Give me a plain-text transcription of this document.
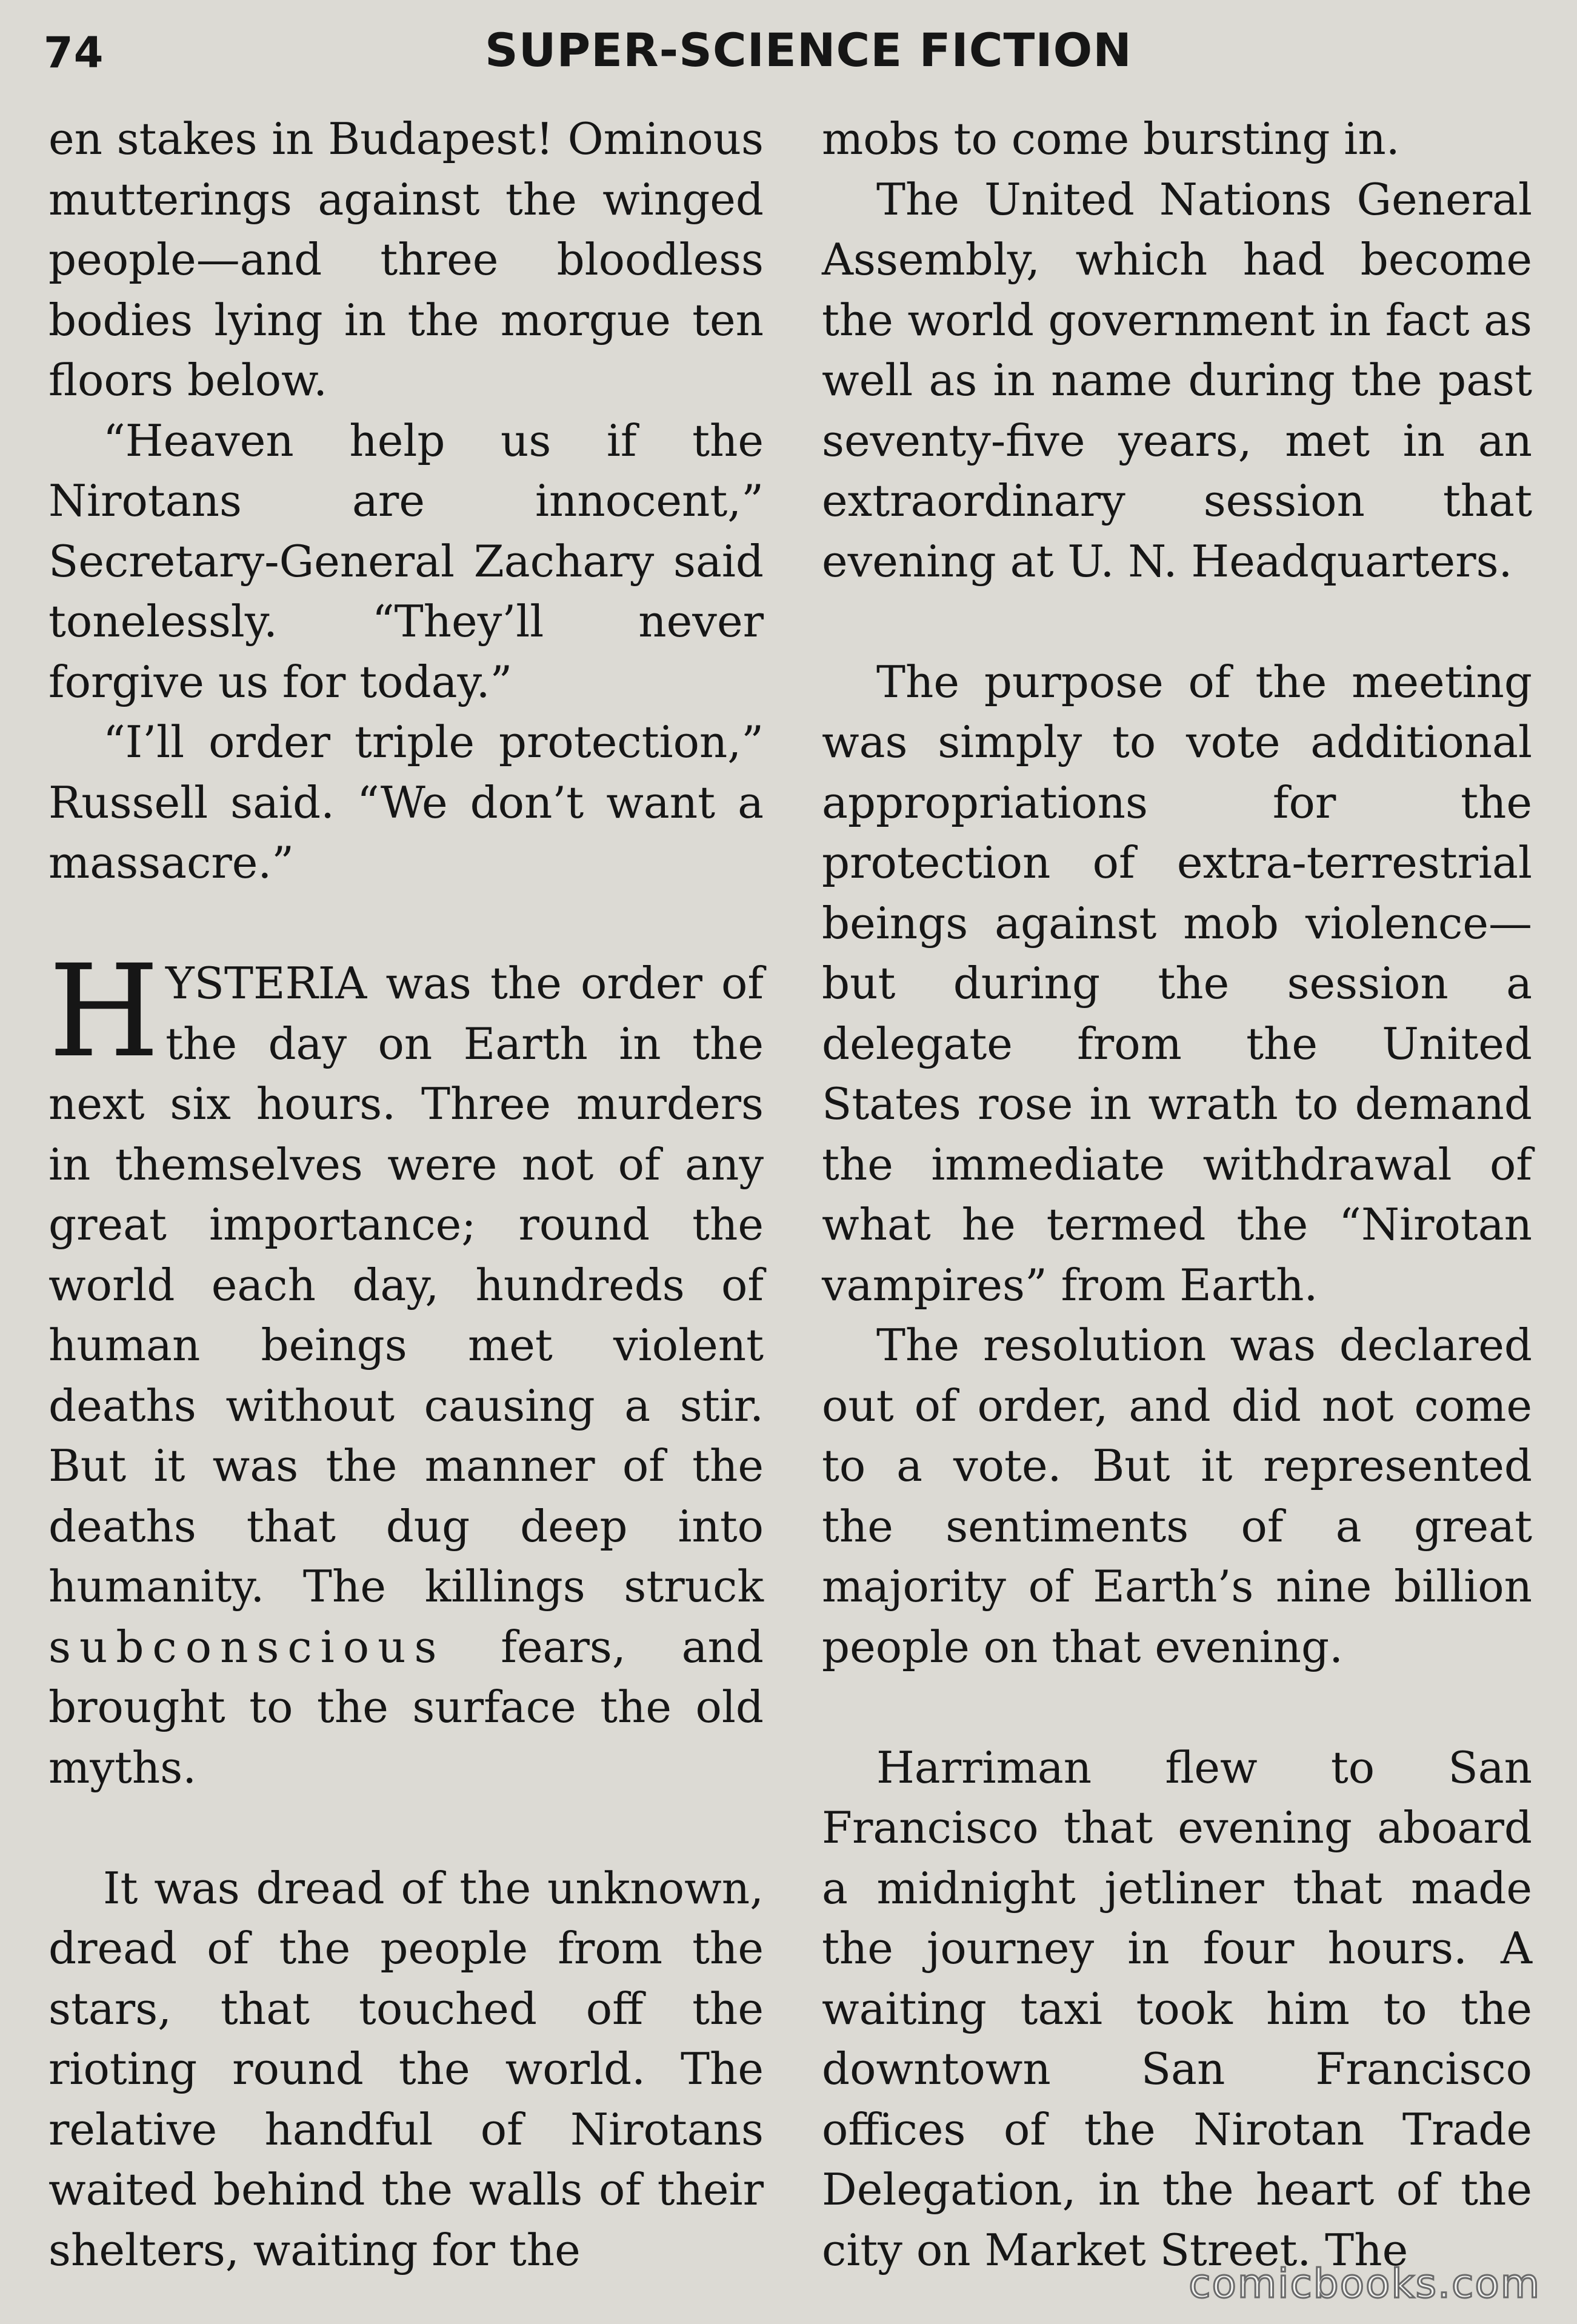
74	SUPER-SCIENCE FICTION

en stakes in Budapest! Ominous mutterings against the winged people—and three bloodless bodies lying in the morgue ten floors below.

“Heaven help us if the Nirotans are innocent,” Secretary-General Zachary said tonelessly. “They’ll never forgive us for today.”

“I’ll order triple protection,” Russell said. “We don’t want a massacre.”

HYSTERIA was the order of the day on Earth in the next six hours. Three murders in themselves were not of any great importance; round the world each day, hundreds of human beings met violent deaths without causing a stir. But it was the manner of the deaths that dug deep into humanity. The killings struck subconscious fears, and brought to the surface the old myths.

It was dread of the unknown, dread of the people from the stars, that touched off the rioting round the world. The relative handful of Nirotans waited behind the walls of their shelters, waiting for the

mobs to come bursting in.

The United Nations General Assembly, which had become the world government in fact as well as in name during the past seventy-five years, met in an extraordinary session that evening at U. N. Headquarters.

The purpose of the meeting was simply to vote additional appropriations for the protection of extra-terrestrial beings against mob violence—but during the session a delegate from the United States rose in wrath to demand the immediate withdrawal of what he termed the “Nirotan vampires” from Earth.

The resolution was declared out of order, and did not come to a vote. But it represented the sentiments of a great majority of Earth’s nine billion people on that evening.

Harriman flew to San Francisco that evening aboard a midnight jetliner that made the journey in four hours. A waiting taxi took him to the downtown San Francisco offices of the Nirotan Trade Delegation, in the heart of the city on Market Street. The

comicbooks.com
